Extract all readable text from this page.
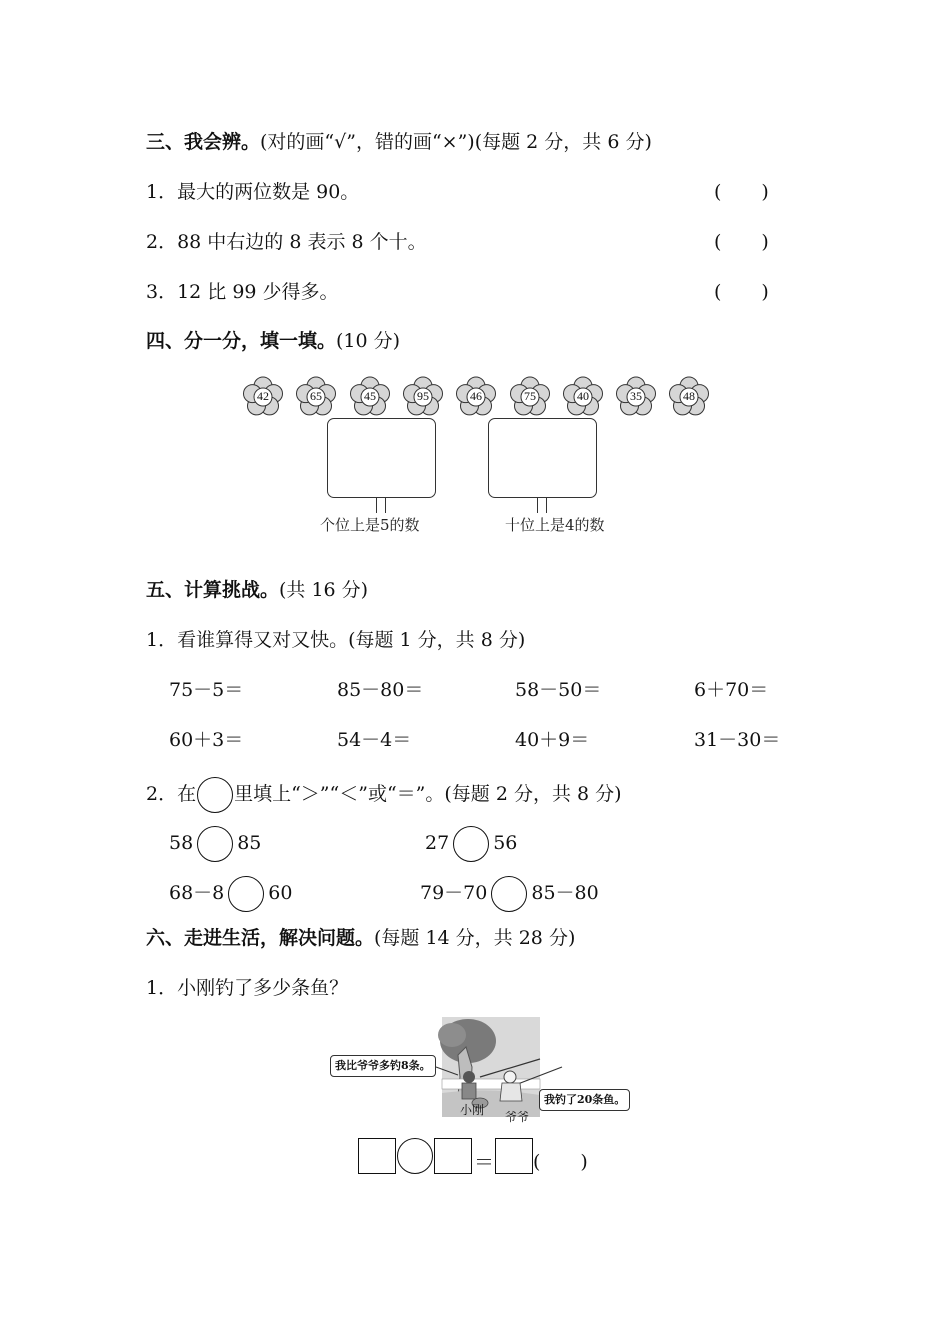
三、我会辨。(对的画“√”，错的画“×”)(每题 2 分，共 6 分)
1．最大的两位数是 90。	( )
2．88 中右边的 8 表示 8 个十。	( )
3．12 比 99 少得多。	( )
四、分一分，填一填。(10 分)
42	65	45	95	46	75	40	35	48
个位上是5的数	十位上是4的数
五、计算挑战。(共 16 分)
1．看谁算得又对又快。(每题 1 分，共 8 分)
75－5＝	85－80＝	58－50＝	6＋70＝
60＋3＝	54－4＝	40＋9＝	31－30＝
2．在 里填上“＞”“＜”或“＝”。(每题 2 分，共 8 分)
58 85	27 56
68－8 60	79－70 85－80
六、走进生活，解决问题。(每题 14 分，共 28 分)
1．小刚钓了多少条鱼？
我比爷爷多钓8条。
我钓了20条鱼。
小刚 爷爷
＝ ( )
